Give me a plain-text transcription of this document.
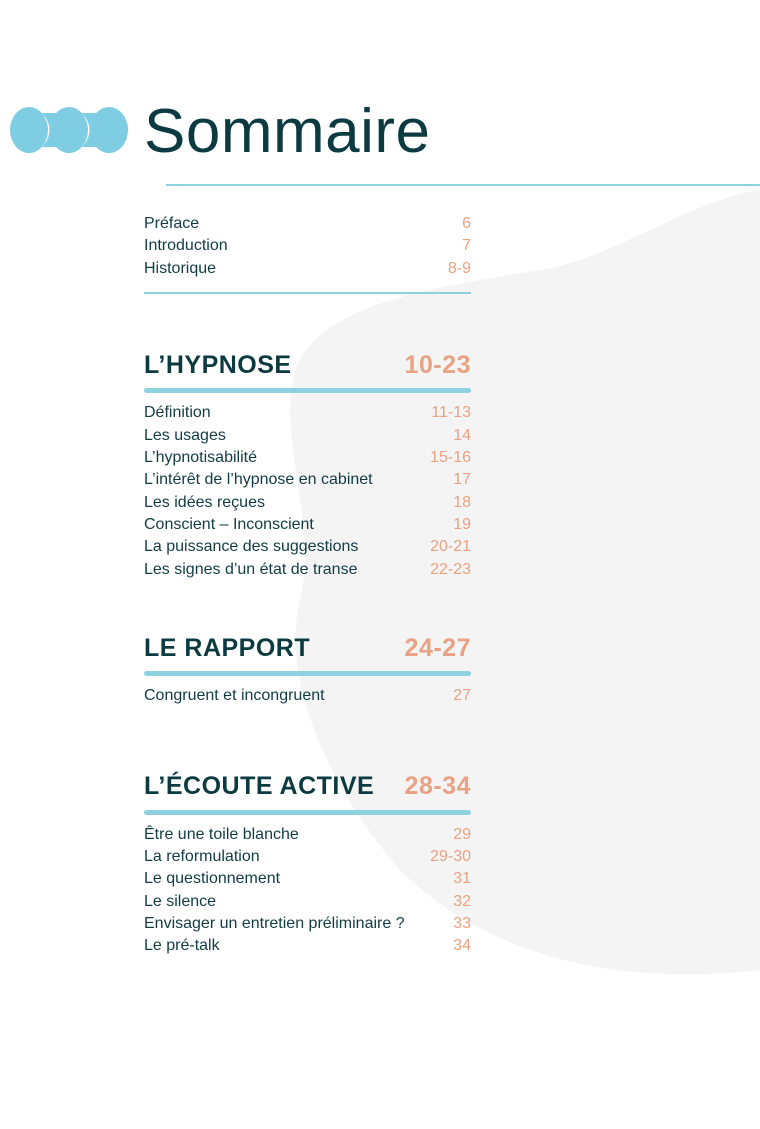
Sommaire
Préface	6
Introduction	7
Historique	8-9
L’HYPNOSE	10-23
Définition	11-13
Les usages	14
L’hypnotisabilité	15-16
L’intérêt de l’hypnose en cabinet	17
Les idées reçues	18
Conscient – Inconscient	19
La puissance des suggestions	20-21
Les signes d’un état de transe	22-23
LE RAPPORT	24-27
Congruent et incongruent	27
L’ÉCOUTE ACTIVE 28-34
Être une toile blanche	29
La reformulation	29-30
Le questionnement	31
Le silence	32
Envisager un entretien préliminaire ?	33
Le pré-talk	34
